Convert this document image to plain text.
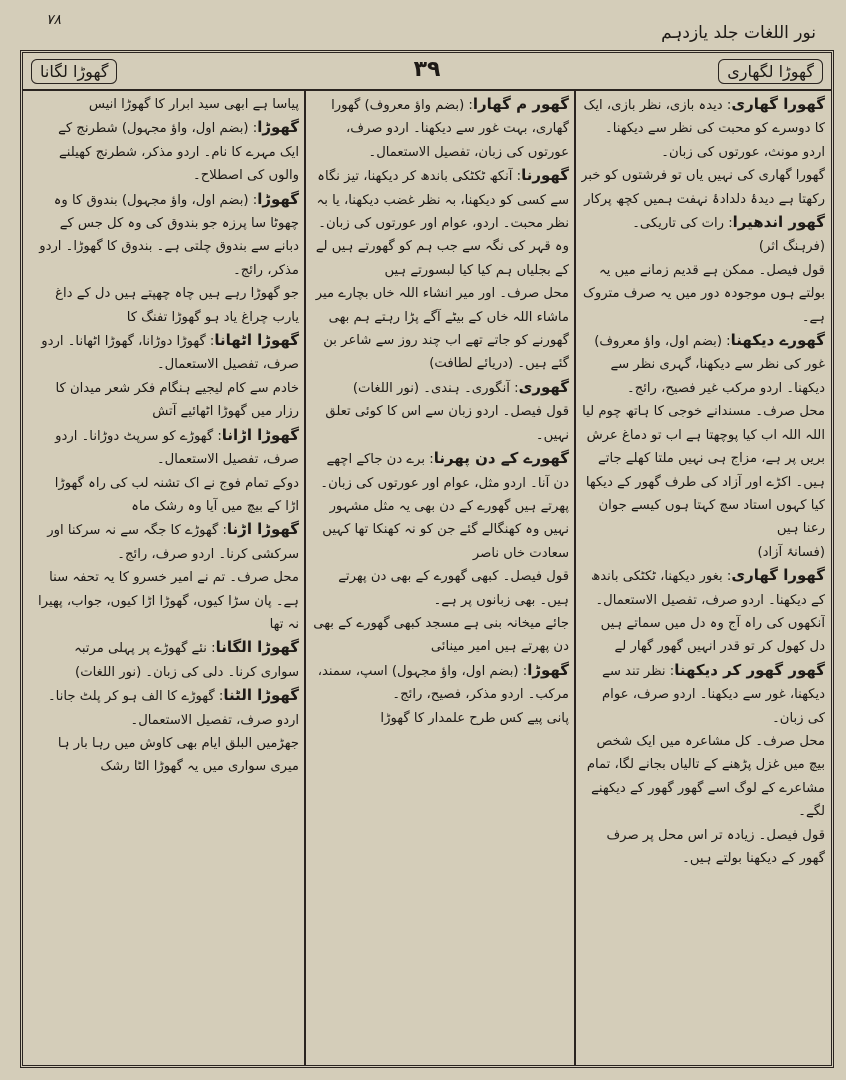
۷۸
نور اللغات جلد یازدہم
گھوڑا لگانا	۳۹	گھوڑا لگھاری

گھورا گھاری: دیدہ بازی، نظر بازی، ایک کا دوسرے کو محبت کی نظر سے دیکھنا۔ اردو مونث، عورتوں کی زبان۔

گھورا گھاری کی نہیں یاں تو فرشتوں کو خبر رکھتا ہے دیدۂ دلدادۂ نہفت ہمیں کچھ پرکار

گھور اندھیرا: رات کی تاریکی۔

(فرہنگ اثر)

قول فیصل۔ ممکن ہے قدیم زمانے میں یہ بولتے ہوں موجودہ دور میں یہ صرف متروک ہے۔

گھورے دیکھنا: (بضم اول، واؤ معروف) غور کی نظر سے دیکھنا، گہری نظر سے دیکھنا۔ اردو مرکب غیر فصیح، رائج۔

محل صرف۔ مسندانے خوجی کا ہاتھ چوم لیا اللہ اللہ اب کیا پوچھتا ہے اب تو دماغ عرش بریں پر ہے، مزاج ہی نہیں ملتا کھلے جاتے ہیں۔ اکڑے اور آزاد کی طرف گھور کے دیکھا کیا کہوں استاد سچ کہتا ہوں کیسے جوان رعنا ہیں

(فسانۂ آزاد)

گھورا گھاری: بغور دیکھنا، ٹکٹکی باندھ کے دیکھنا۔ اردو صرف، تفصیل الاستعمال۔

آنکھوں کی راہ آج وہ دل میں سماتے ہیں دل کھول کر تو قدر انہیں گھور گھار لے

گھور گھور کر دیکھنا: نظر تند سے دیکھنا، غور سے دیکھنا۔ اردو صرف، عوام کی زبان۔

محل صرف۔ کل مشاعرہ میں ایک شخص بیچ میں غزل پڑھنے کے تالیاں بجانے لگا، تمام مشاعرے کے لوگ اسے گھور گھور کے دیکھنے لگے۔

قول فیصل۔ زیادہ تر اس محل پر صرف گھور کے دیکھنا بولتے ہیں۔

گھور م گھارا: (بضم واؤ معروف) گھورا گھاری، بہت غور سے دیکھنا۔ اردو صرف، عورتوں کی زبان، تفصیل الاستعمال۔

گھورنا: آنکھ ٹکٹکی باندھ کر دیکھنا، تیز نگاہ سے کسی کو دیکھنا، بہ نظر غضب دیکھنا، یا بہ نظر محبت۔ اردو، عوام اور عورتوں کی زبان۔

وہ قہر کی نگہ سے جب ہم کو گھورتے ہیں لے کے بجلیاں ہم کیا کیا لبسورتے ہیں

محل صرف۔ اور میر انشاء اللہ خاں بچارے میر ماشاء اللہ خاں کے بیٹے آگے پڑا رہتے ہم بھی گھورنے کو جاتے تھے اب چند روز سے شاعر بن گئے ہیں۔ (دریائے لطافت)

گھوری: آنگوری۔ ہندی۔ (نور اللغات)

قول فیصل۔ اردو زبان سے اس کا کوئی تعلق نہیں۔

گھورے کے دن پھرنا: برے دن جاکے اچھے دن آنا۔ اردو مثل، عوام اور عورتوں کی زبان۔

پھرتے ہیں گھورے کے دن بھی یہ مثل مشہور نہیں وہ کھنگالے گئے جن کو نہ کھنکا تھا کہیں

سعادت خاں ناصر

قول فیصل۔ کبھی گھورے کے بھی دن پھرتے ہیں۔ بھی زبانوں پر ہے۔

جائے میخانہ بنی ہے مسجد کبھی گھورے کے بھی دن پھرتے ہیں امیر مینائی

گھوڑا: (بضم اول، واؤ مجہول) اسپ، سمند، مرکب۔ اردو مذکر، فصیح، رائج۔

پانی پیے کس طرح علمدار کا گھوڑا

پیاسا ہے ابھی سید ابرار کا گھوڑا انیس

گھوڑا: (بضم اول، واؤ مجہول) شطرنج کے ایک مہرے کا نام۔ اردو مذکر، شطرنج کھیلنے والوں کی اصطلاح۔

گھوڑا: (بضم اول، واؤ مجہول) بندوق کا وہ چھوٹا سا پرزہ جو بندوق کی وہ کل جس کے دبانے سے بندوق چلتی ہے۔ بندوق کا گھوڑا۔ اردو مذکر، رائج۔

جو گھوڑا رہے ہیں چاہ چھپتے ہیں دل کے داغ یارب چراغ یاد ہو گھوڑا تفنگ کا

گھوڑا اٹھانا: گھوڑا دوڑانا، گھوڑا اٹھانا۔ اردو صرف، تفصیل الاستعمال۔

خادم سے کام لیجیے ہنگام فکر شعر میدان کا رزار میں گھوڑا اٹھائیے آتش

گھوڑا اڑانا: گھوڑے کو سرپٹ دوڑانا۔ اردو صرف، تفصیل الاستعمال۔

دوکے تمام فوج نے اک تشنہ لب کی راہ گھوڑا اڑا کے بیچ میں آیا وہ رشک ماہ

گھوڑا اڑنا: گھوڑے کا جگہ سے نہ سرکنا اور سرکشی کرنا۔ اردو صرف، رائج۔

محل صرف۔ تم نے امیر خسرو کا یہ تحفہ سنا ہے۔ پان سڑا کیوں، گھوڑا اڑا کیوں، جواب، پھیرا نہ تھا

گھوڑا الگانا: نئے گھوڑے پر پہلی مرتبہ سواری کرنا۔ دلی کی زبان۔ (نور اللغات)

گھوڑا الٹنا: گھوڑے کا الف ہو کر پلٹ جانا۔ اردو صرف، تفصیل الاستعمال۔

جھڑمیں البلق ایام بھی کاوش میں رہا بار ہا میری سواری میں یہ گھوڑا الٹا رشک
